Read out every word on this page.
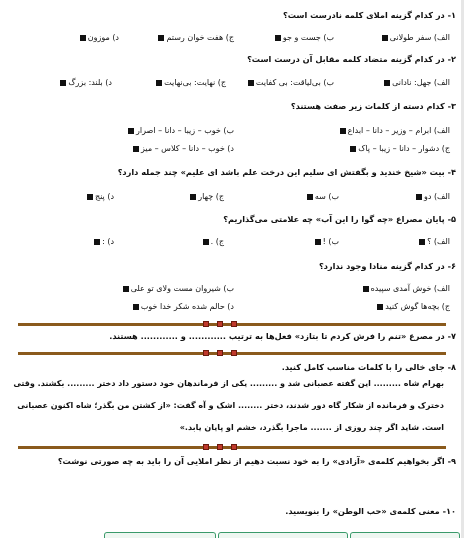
۱- در کدام گزینه املای کلمه نادرست است؟
الف) سفر طولانی
ب) جست و جو
ج) هفت خوان رستم
د) موزون
۲- در کدام گزینه متضاد کلمه مقابل آن درست است؟
الف) جهل: نادانی
ب) بی‌لیاقت: بی کفایت
ج) نهایت: بی‌نهایت
د) بلند: بزرگ
۳- کدام دسته از کلمات زیر صفت هستند؟
الف) ابرام – وزیر – دانا – ابداع
ب) خوب – زیبا – دانا – اصرار
ج) دشوار – دانا – زیبا – پاک
د) خوب – دانا – کلاس – میز
۴- بیت «شیخ خندید و بگفتش ای سلیم این درخت علم باشد ای علیم» چند جمله دارد؟
الف) دو
ب) سه
ج) چهار
د) پنج
۵- پایان مصراع «چه گوا را این آب» چه علامتی می‌گذاریم؟
الف) ؟
ب) !
ج) .
د) :
۶- در کدام گزینه منادا وجود ندارد؟
الف) خوش آمدی سپیده
ب) شیروان مست ولای تو علی
ج) بچه‌ها گوش کنید
د) حالم شده شکر خدا خوب
۷- در مصرع «تنم را فرش کردم تا بتازد» فعل‌ها به ترتیب ............ و ............ هستند.
۸- جای خالی را با کلمات مناسب کامل کنید.
بهرام شاه ......... این گفته عصبانی شد و ......... یکی از فرماندهان خود دستور داد دختر ......... بکشند. وقتی
دخترک و فرمانده از شکار گاه دور شدند، دختر ........ اشک و آه گفت: «از کشتن من بگذر؛ شاه اکنون عصبانی
است. شاید اگر چند روزی از ....... ماجرا بگذرد، خشم او پایان یابد.»
۹- اگر بخواهیم کلمه‌ی «آزادی» را به خود نسبت دهیم از نظر املایی آن را باید به چه صورتی نوشت؟
۱۰- معنی کلمه‌ی «حب الوطن» را بنویسید.
